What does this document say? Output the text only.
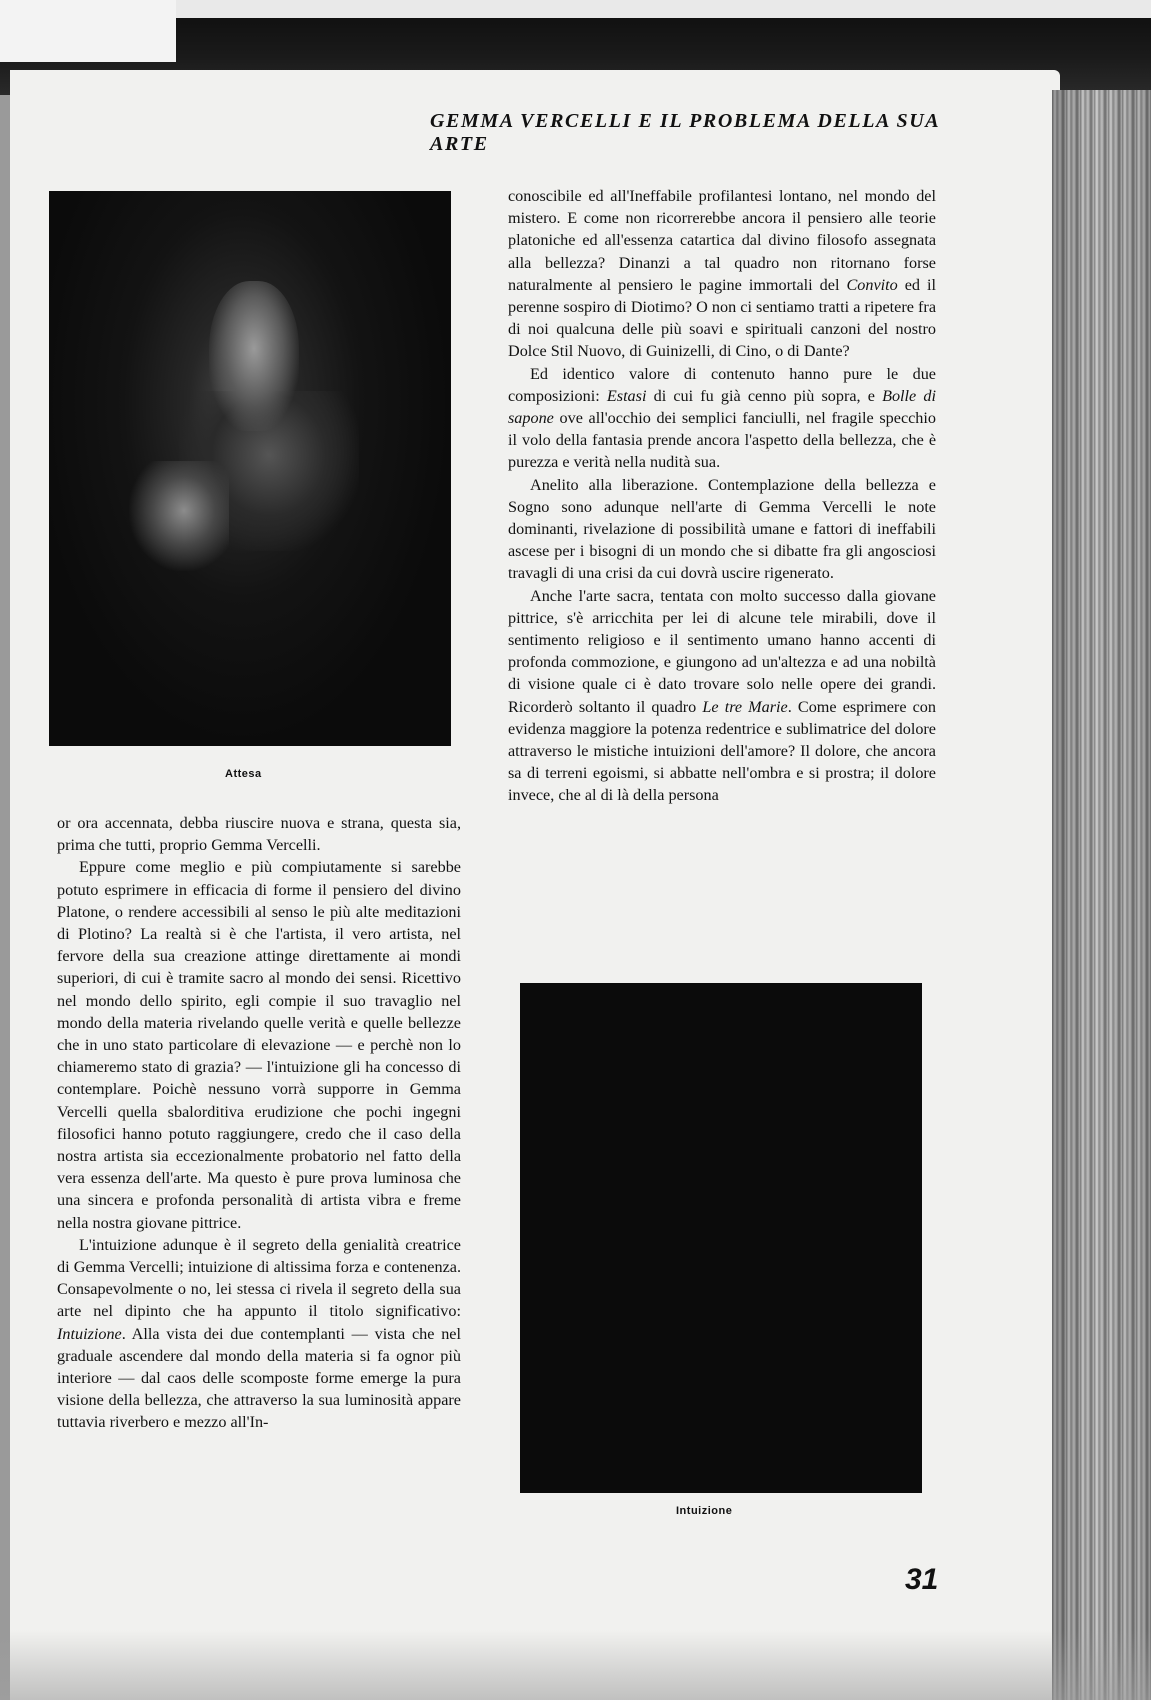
GEMMA VERCELLI E IL PROBLEMA DELLA SUA ARTE
Attesa

or ora accennata, debba riuscire nuova e strana, questa sia, prima che tutti, proprio Gemma Vercelli.

Eppure come meglio e più compiutamente si sarebbe potuto esprimere in efficacia di forme il pensiero del divino Platone, o rendere accessibili al senso le più alte meditazioni di Plotino? La realtà si è che l'artista, il vero artista, nel fervore della sua creazione attinge direttamente ai mondi superiori, di cui è tramite sacro al mondo dei sensi. Ricettivo nel mondo dello spirito, egli compie il suo travaglio nel mondo della materia rivelando quelle verità e quelle bellezze che in uno stato particolare di elevazione — e perchè non lo chiameremo stato di grazia? — l'intuizione gli ha concesso di contemplare. Poichè nessuno vorrà supporre in Gemma Vercelli quella sbalorditiva erudizione che pochi ingegni filosofici hanno potuto raggiungere, credo che il caso della nostra artista sia eccezionalmente probatorio nel fatto della vera essenza dell'arte. Ma questo è pure prova luminosa che una sincera e profonda personalità di artista vibra e freme nella nostra giovane pittrice.

L'intuizione adunque è il segreto della genialità creatrice di Gemma Vercelli; intuizione di altissima forza e contenenza. Consapevolmente o no, lei stessa ci rivela il segreto della sua arte nel dipinto che ha appunto il titolo significativo: Intuizione. Alla vista dei due contemplanti — vista che nel graduale ascendere dal mondo della materia si fa ognor più interiore — dal caos delle scomposte forme emerge la pura visione della bellezza, che attraverso la sua luminosità appare tuttavia riverbero e mezzo all'In-

conoscibile ed all'Ineffabile profilantesi lontano, nel mondo del mistero. E come non ricorrerebbe ancora il pensiero alle teorie platoniche ed all'essenza catartica dal divino filosofo assegnata alla bellezza? Dinanzi a tal quadro non ritornano forse naturalmente al pensiero le pagine immortali del Convito ed il perenne sospiro di Diotimo? O non ci sentiamo tratti a ripetere fra di noi qualcuna delle più soavi e spirituali canzoni del nostro Dolce Stil Nuovo, di Guinizelli, di Cino, o di Dante?

Ed identico valore di contenuto hanno pure le due composizioni: Estasi di cui fu già cenno più sopra, e Bolle di sapone ove all'occhio dei semplici fanciulli, nel fragile specchio il volo della fantasia prende ancora l'aspetto della bellezza, che è purezza e verità nella nudità sua.

Anelito alla liberazione. Contemplazione della bellezza e Sogno sono adunque nell'arte di Gemma Vercelli le note dominanti, rivelazione di possibilità umane e fattori di ineffabili ascese per i bisogni di un mondo che si dibatte fra gli angosciosi travagli di una crisi da cui dovrà uscire rigenerato.

Anche l'arte sacra, tentata con molto successo dalla giovane pittrice, s'è arricchita per lei di alcune tele mirabili, dove il sentimento religioso e il sentimento umano hanno accenti di profonda commozione, e giungono ad un'altezza e ad una nobiltà di visione quale ci è dato trovare solo nelle opere dei grandi. Ricorderò soltanto il quadro Le tre Marie. Come esprimere con evidenza maggiore la potenza redentrice e sublimatrice del dolore attraverso le mistiche intuizioni dell'amore? Il dolore, che ancora sa di terreni egoismi, si abbatte nell'ombra e si prostra; il dolore invece, che al di là della persona

Intuizione
31
